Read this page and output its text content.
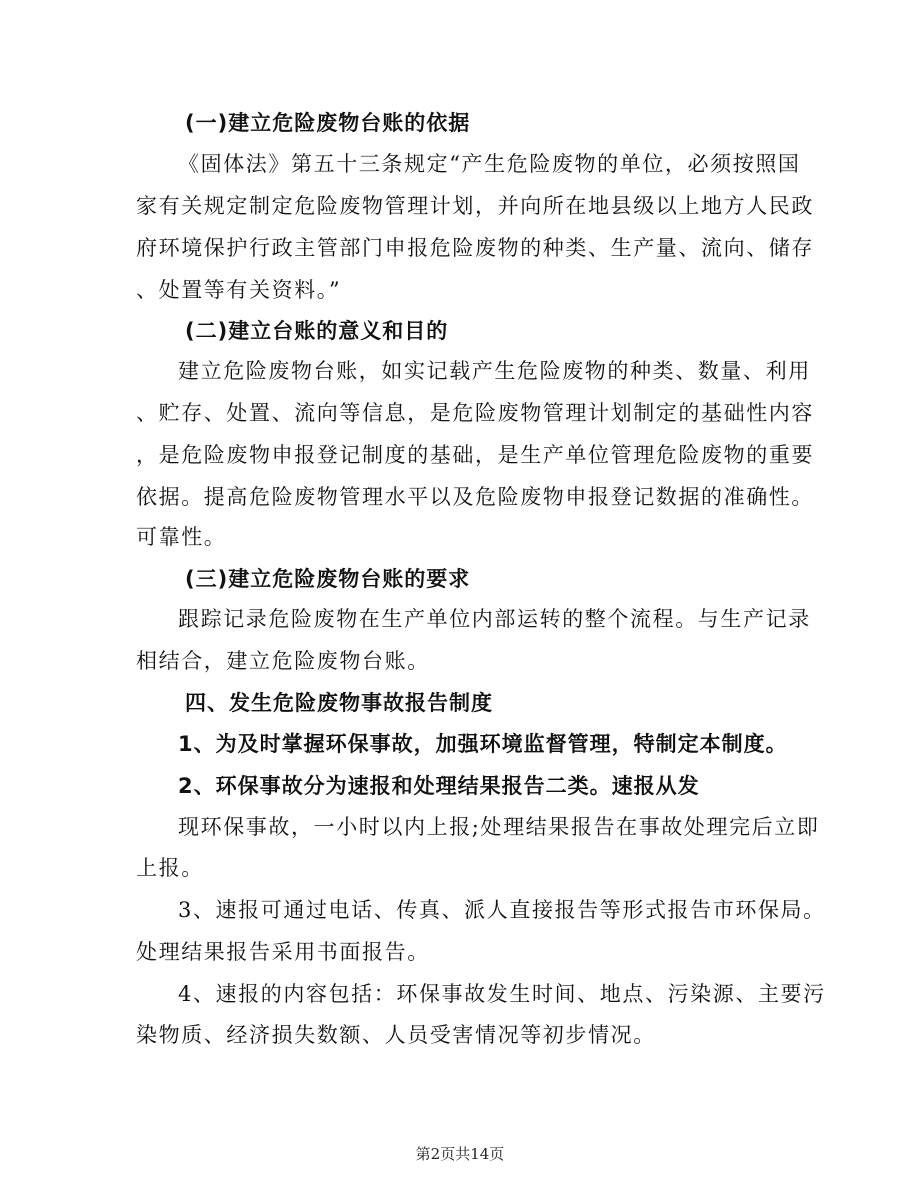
(一)建立危险废物台账的依据
《固体法》第五十三条规定“产生危险废物的单位，必须按照国
家有关规定制定危险废物管理计划，并向所在地县级以上地方人民政
府环境保护行政主管部门申报危险废物的种类、生产量、流向、储存
、处置等有关资料。”
(二)建立台账的意义和目的
建立危险废物台账，如实记载产生危险废物的种类、数量、利用
、贮存、处置、流向等信息，是危险废物管理计划制定的基础性内容
，是危险废物申报登记制度的基础，是生产单位管理危险废物的重要
依据。提高危险废物管理水平以及危险废物申报登记数据的准确性。
可靠性。
(三)建立危险废物台账的要求
跟踪记录危险废物在生产单位内部运转的整个流程。与生产记录
相结合，建立危险废物台账。
四、发生危险废物事故报告制度
1、为及时掌握环保事故，加强环境监督管理，特制定本制度。
2、环保事故分为速报和处理结果报告二类。速报从发
现环保事故，一小时以内上报;处理结果报告在事故处理完后立即
上报。
3、速报可通过电话、传真、派人直接报告等形式报告市环保局。
处理结果报告采用书面报告。
4、速报的内容包括：环保事故发生时间、地点、污染源、主要污
染物质、经济损失数额、人员受害情况等初步情况。
第2页共14页
